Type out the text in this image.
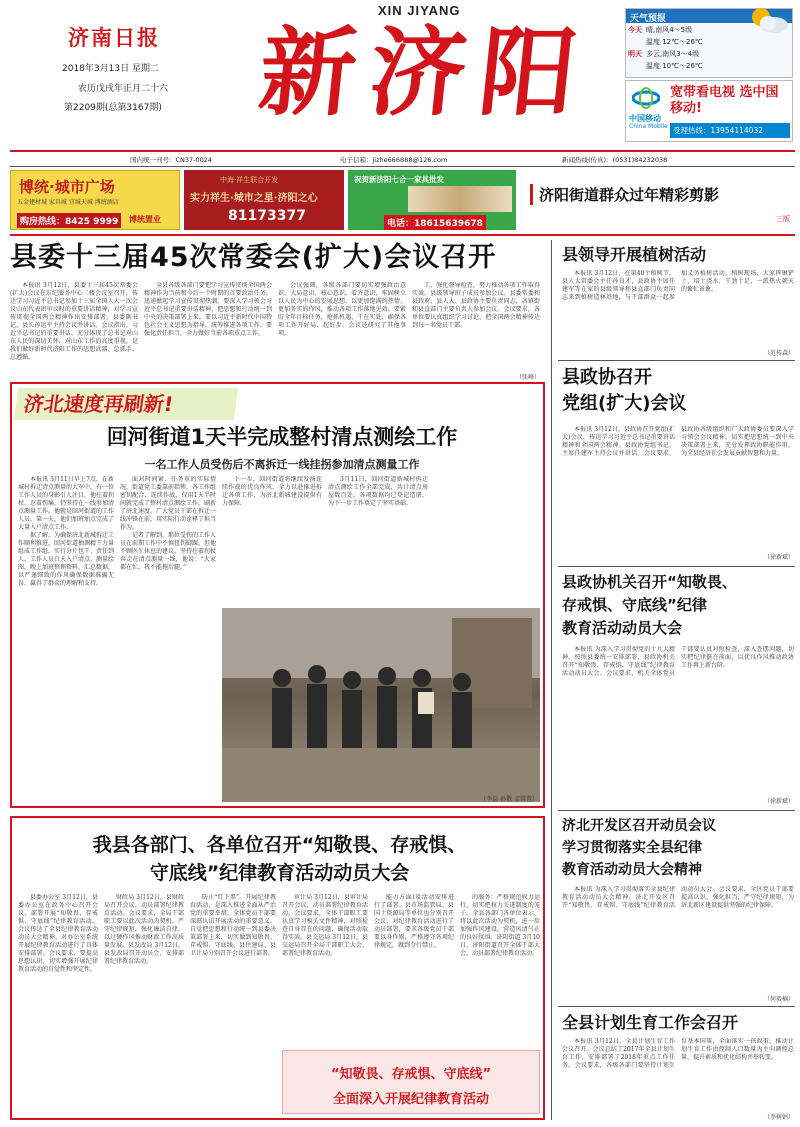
济南日报
2018年3月13日 星期二
农历戊戌年正月二十六
第2209期(总第3167期)
XIN JIYANG
新济阳	天气预报
今天	晴,南风4～5级
	温度 12℃～26℃
明天	多云,南风3～4级
	温度 10℃～26℃
中国移动
China Mobile
宽带看电视 选中国移动!
受理热线：13954114032
国内统一刊号：CN37-0024	电子信箱：jizhe666888@126.com	新闻热线(传真)：(0531)84232038
博统·城市广场
五金建材城 家具城 宜城天城 博统酒店
购房热线：8425 9999	博统置业
中海·祥生联合开发
实力祥生·城市之星·济阳之心
81173377
祝贺新济阳七合一家具批发
电话：18615639678
济阳街道群众过年精彩剪影
三版
县委十三届45次常委会(扩大)会议召开

本报讯 3月12日，县委十三届45次常委会(扩大)会议在东纪服务中心二楼会议室召开，传达学习习近平总书记参加十三届全国人大一次会议山东代表团审议时的重要讲话精神，对学习宣传贯彻全国两会精神作出安排部署。县委副书记、县长孙运平主持会议并讲话。会议指出，习近平总书记的重要讲话，充分体现了总书记对山东人民的深切关怀，对山东工作的高度重视，是我们做好新时代济阳工作的思想武器、总抓手、总遵循。

全县各级各部门要把学习宣传贯彻全国两会精神作为当前和今后一个时期的首要政治任务，迅速掀起学习宣传贯彻热潮。要深入学习领会习近平总书记重要讲话精神，把思想和行动统一到中央的决策部署上来。要以习近平新时代中国特色社会主义思想为指导，统筹推进各项工作。要强化责任担当，全力做好当前各项重点工作。

会议强调，各级各部门要切实增强政治意识、大局意识、核心意识、看齐意识，牢固树立以人民为中心的发展思想，以更加饱满的热情、更加务实的作风，推动各项工作落地见效。要紧盯全年目标任务，抢抓机遇，干在实处，确保各项工作开好局、起好步。会议还研究了其他事项。

工，强化督导检查，努力推动各项工作取得实效。县级领导班子成员参加会议。县委常委和县政府、县人大、县政协主要负责同志，各镇街和县直部门主要负责人参加会议。会议要求，各单位要认真组织学习讨论，把全国两会精神传达到每一名党员干部。

（张峰）
济北速度再刷新!
回河街道1天半完成整村清点测绘工作
一名工作人员受伤后不离拆迁一线挂拐参加清点测量工作

本报讯 3月11日早上7点，在新城村拆迁清点测量的大军中，有一位工作人员的身影引人注目，他拄着拐杖、忍着伤痛，仍坚持在一线参加清点测量工作。他就是回河街道的工作人员。第一天，他们加班加点完成了大量入户清点工作。

据了解，为确保济北新城拆迁工作顺利推进，回河街道抽调精干力量组成工作组，实行分片包干、责任到人。工作人员白天入户清点、测量绘图，晚上加班整理资料、汇总数据，以严谨细致的作风确保数据准确无误，赢得了群众的理解和支持。

面对时间紧、任务重的实际情况，街道党工委靠前指挥，各工作组密切配合，连续作战，仅用1天半时间就完成了整村清点测绘工作，刷新了济北速度。广大党员干部在拆迁一线冲锋在前，用实际行动诠释了担当作为。

记者了解到，那位受伤的工作人员在前期工作中不慎扭伤脚踝，但他不顾医生休息的建议，坚持拄着拐杖奔走在清点测量一线，他说：“大家都在忙，我不能拖后腿。”

下一步，回河街道将继续发扬连续作战的优良作风，全力以赴推进拆迁各项工作，为济北新城建设提供有力保障。

3月11日，回河街道新城村拆迁清点测绘工作全部完成，共计清点房屋数百处，各项数据均已登记造册，为下一步工作奠定了坚实基础。

（李磊 孙敬 孟蓉蓉）
我县各部门、各单位召开“知敬畏、存戒惧、
守底线”纪律教育活动动员大会

县委办公室 3月12日，县委办公室在政务中心召开会议，部署开展“知敬畏、存戒惧、守底线”纪律教育活动。会议传达了全县纪律教育活动动员大会精神，对办公室系统开展纪律教育活动进行了具体安排部署。会议要求，要提高思想认识，切实增强开展纪律教育活动的自觉性和坚定性。

财政局 3月12日，县财政局召开会议，动员部署纪律教育活动。会议要求，全局干部职工要以此次活动为契机，严守纪律规矩，强化廉洁自律，以过硬作风推动财政工作高质量发展。县发改局 3月12日，县发改局召开动员会，安排部署纪律教育活动。

防止“灯下黑”。开展纪律教育活动，是深入推进全面从严治党的重要举措。全体党员干部要深刻认识开展活动的重要意义，自觉把思想和行动统一到县委决策部署上来，切实做到知敬畏、存戒惧、守底线。县住建局、县卫计局分别召开会议进行部署。

审计局 3月12日，县审计局召开会议，动员部署纪律教育活动。会议要求，全体干部职工要认真学习相关文件精神，对照检查自身存在的问题，确保活动取得实效。县交运局 3月12日，县交运局召开全局干部职工大会，部署纪律教育活动。

能力方面)及活动安排进行了部署。县市场监管局、县国土资源局等单位也分别召开会议，对纪律教育活动进行了动员部署，要求各级党员干部要以身作则，严格遵守各项纪律规定，做到令行禁止。

的服务：严格规范权力运行，切实把权力关进制度的笼子。全县各部门各单位表示，将以此次活动为契机，进一步加强作风建设，营造风清气正的良好氛围。济阳街道 3月10日，济阳街道召开全体干部大会，动员部署纪律教育活动。

“知敬畏、存戒惧、守底线”
全面深入开展纪律教育活动
县领导开展植树活动

本报讯 3月12日，在第40个植树节，县人大常委会主任孙良才、县政协主席任建军等在家的县级领导和县直部门负责同志来到植树造林基地，与干部群众一起参加义务植树活动。植树现场，大家挥锹铲土、培土浇水，干劲十足，一派热火朝天的繁忙景象。

（范传森）
县政协召开
党组(扩大)会议

本报讯 3月12日，县政协召开党组(扩大)会议，传达学习习近平总书记重要讲话精神和全国两会精神。县政协党组书记、主席任建军主持会议并讲话。会议要求，县政协各级组织和广大政协委员要深入学习领会会议精神，切实把思想统一到中央决策部署上来，充分发挥政协职能作用，为全县经济社会发展贡献智慧和力量。

（徐新斌）
县政协机关召开“知敬畏、
存戒惧、守底线”纪律
教育活动动员大会

本报讯 为深入学习贯彻党的十九大精神，按照县委统一安排部署，县政协机关召开“知敬畏、存戒惧、守底线”纪律教育活动动员大会。会议要求，机关全体党员干部要认真对照检查，深入查摆问题，切实把纪律挺在前面，以优良作风推动政协工作再上新台阶。

（徐新斌）
济北开发区召开动员会议
学习贯彻落实全县纪律
教育活动动员大会精神

本报讯 为深入学习贯彻落实全县纪律教育活动动员大会精神，济北开发区召开“知敬畏、存戒惧、守底线”纪律教育活动动员大会。会议要求，全区党员干部要提高认识，强化担当，严守纪律规矩，为济北新区建设提供坚强的纪律保障。

（何毅楠）
全县计划生育工作会召开

本报讯 3月12日，全县计划生育工作会议召开。会议总结了2017年全县计划生育工作，安排部署了2018年重点工作任务。会议要求，各级各部门要坚持计划生育基本国策，全面落实一孩政策，推动计划生育工作由控制人口数量为主向调控总量、提升素质和优化结构并举转变。

（李树娟）
